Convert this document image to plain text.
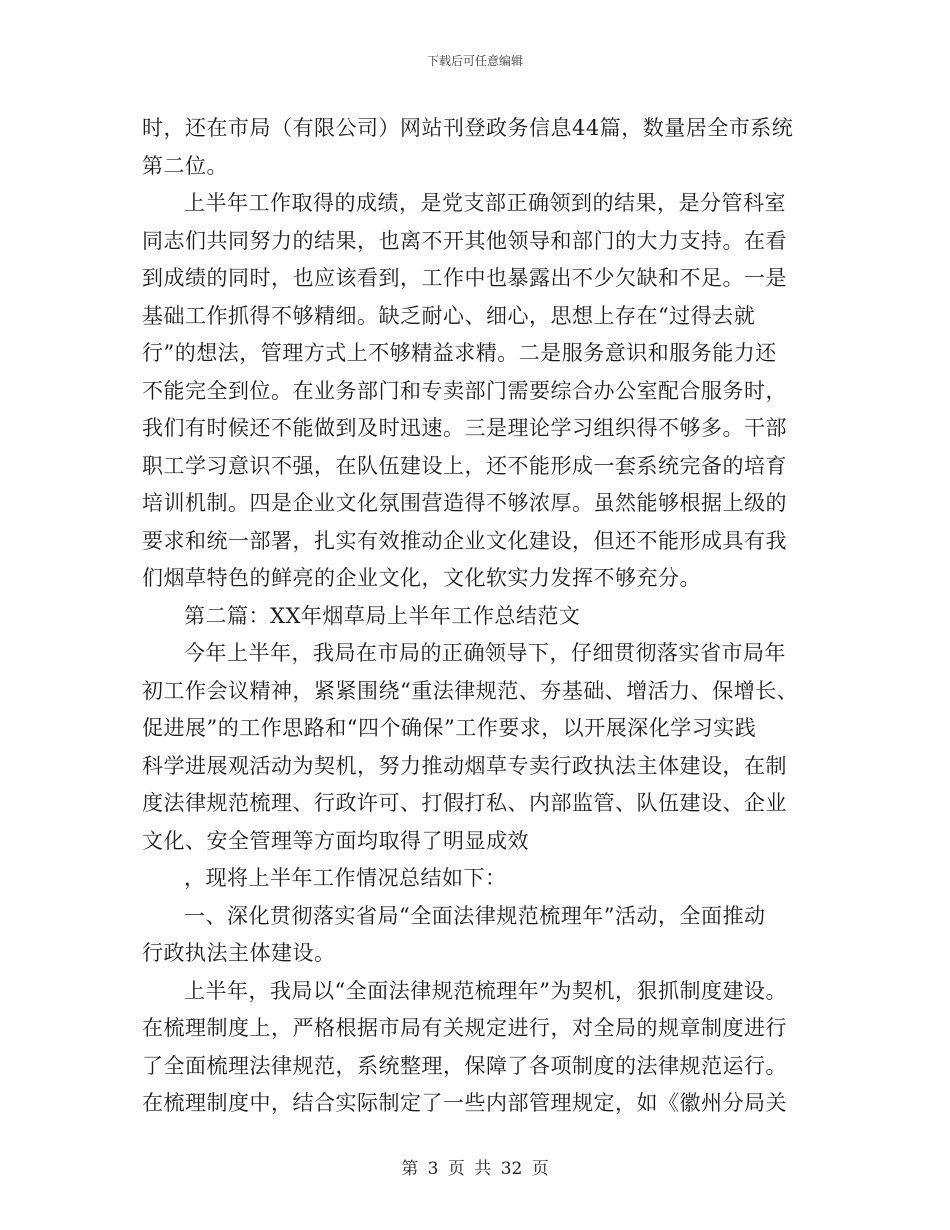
下载后可任意编辑
时，还在市局（有限公司）网站刊登政务信息44篇，数量居全市系统
第二位。
上半年工作取得的成绩，是党支部正确领到的结果，是分管科室
同志们共同努力的结果，也离不开其他领导和部门的大力支持。在看
到成绩的同时，也应该看到，工作中也暴露出不少欠缺和不足。一是
基础工作抓得不够精细。缺乏耐心、细心，思想上存在“过得去就
行”的想法，管理方式上不够精益求精。二是服务意识和服务能力还
不能完全到位。在业务部门和专卖部门需要综合办公室配合服务时，
我们有时候还不能做到及时迅速。三是理论学习组织得不够多。干部
职工学习意识不强，在队伍建设上，还不能形成一套系统完备的培育
培训机制。四是企业文化氛围营造得不够浓厚。虽然能够根据上级的
要求和统一部署，扎实有效推动企业文化建设，但还不能形成具有我
们烟草特色的鲜亮的企业文化，文化软实力发挥不够充分。
第二篇：XX年烟草局上半年工作总结范文
今年上半年，我局在市局的正确领导下，仔细贯彻落实省市局年
初工作会议精神，紧紧围绕“重法律规范、夯基础、增活力、保增长、
促进展”的工作思路和“四个确保”工作要求，以开展深化学习实践
科学进展观活动为契机，努力推动烟草专卖行政执法主体建设，在制
度法律规范梳理、行政许可、打假打私、内部监管、队伍建设、企业
文化、安全管理等方面均取得了明显成效
，现将上半年工作情况总结如下：
一、深化贯彻落实省局“全面法律规范梳理年”活动，全面推动
行政执法主体建设。
上半年，我局以“全面法律规范梳理年”为契机，狠抓制度建设。
在梳理制度上，严格根据市局有关规定进行，对全局的规章制度进行
了全面梳理法律规范，系统整理，保障了各项制度的法律规范运行。
在梳理制度中，结合实际制定了一些内部管理规定，如《徽州分局关
第 3 页 共 32 页
